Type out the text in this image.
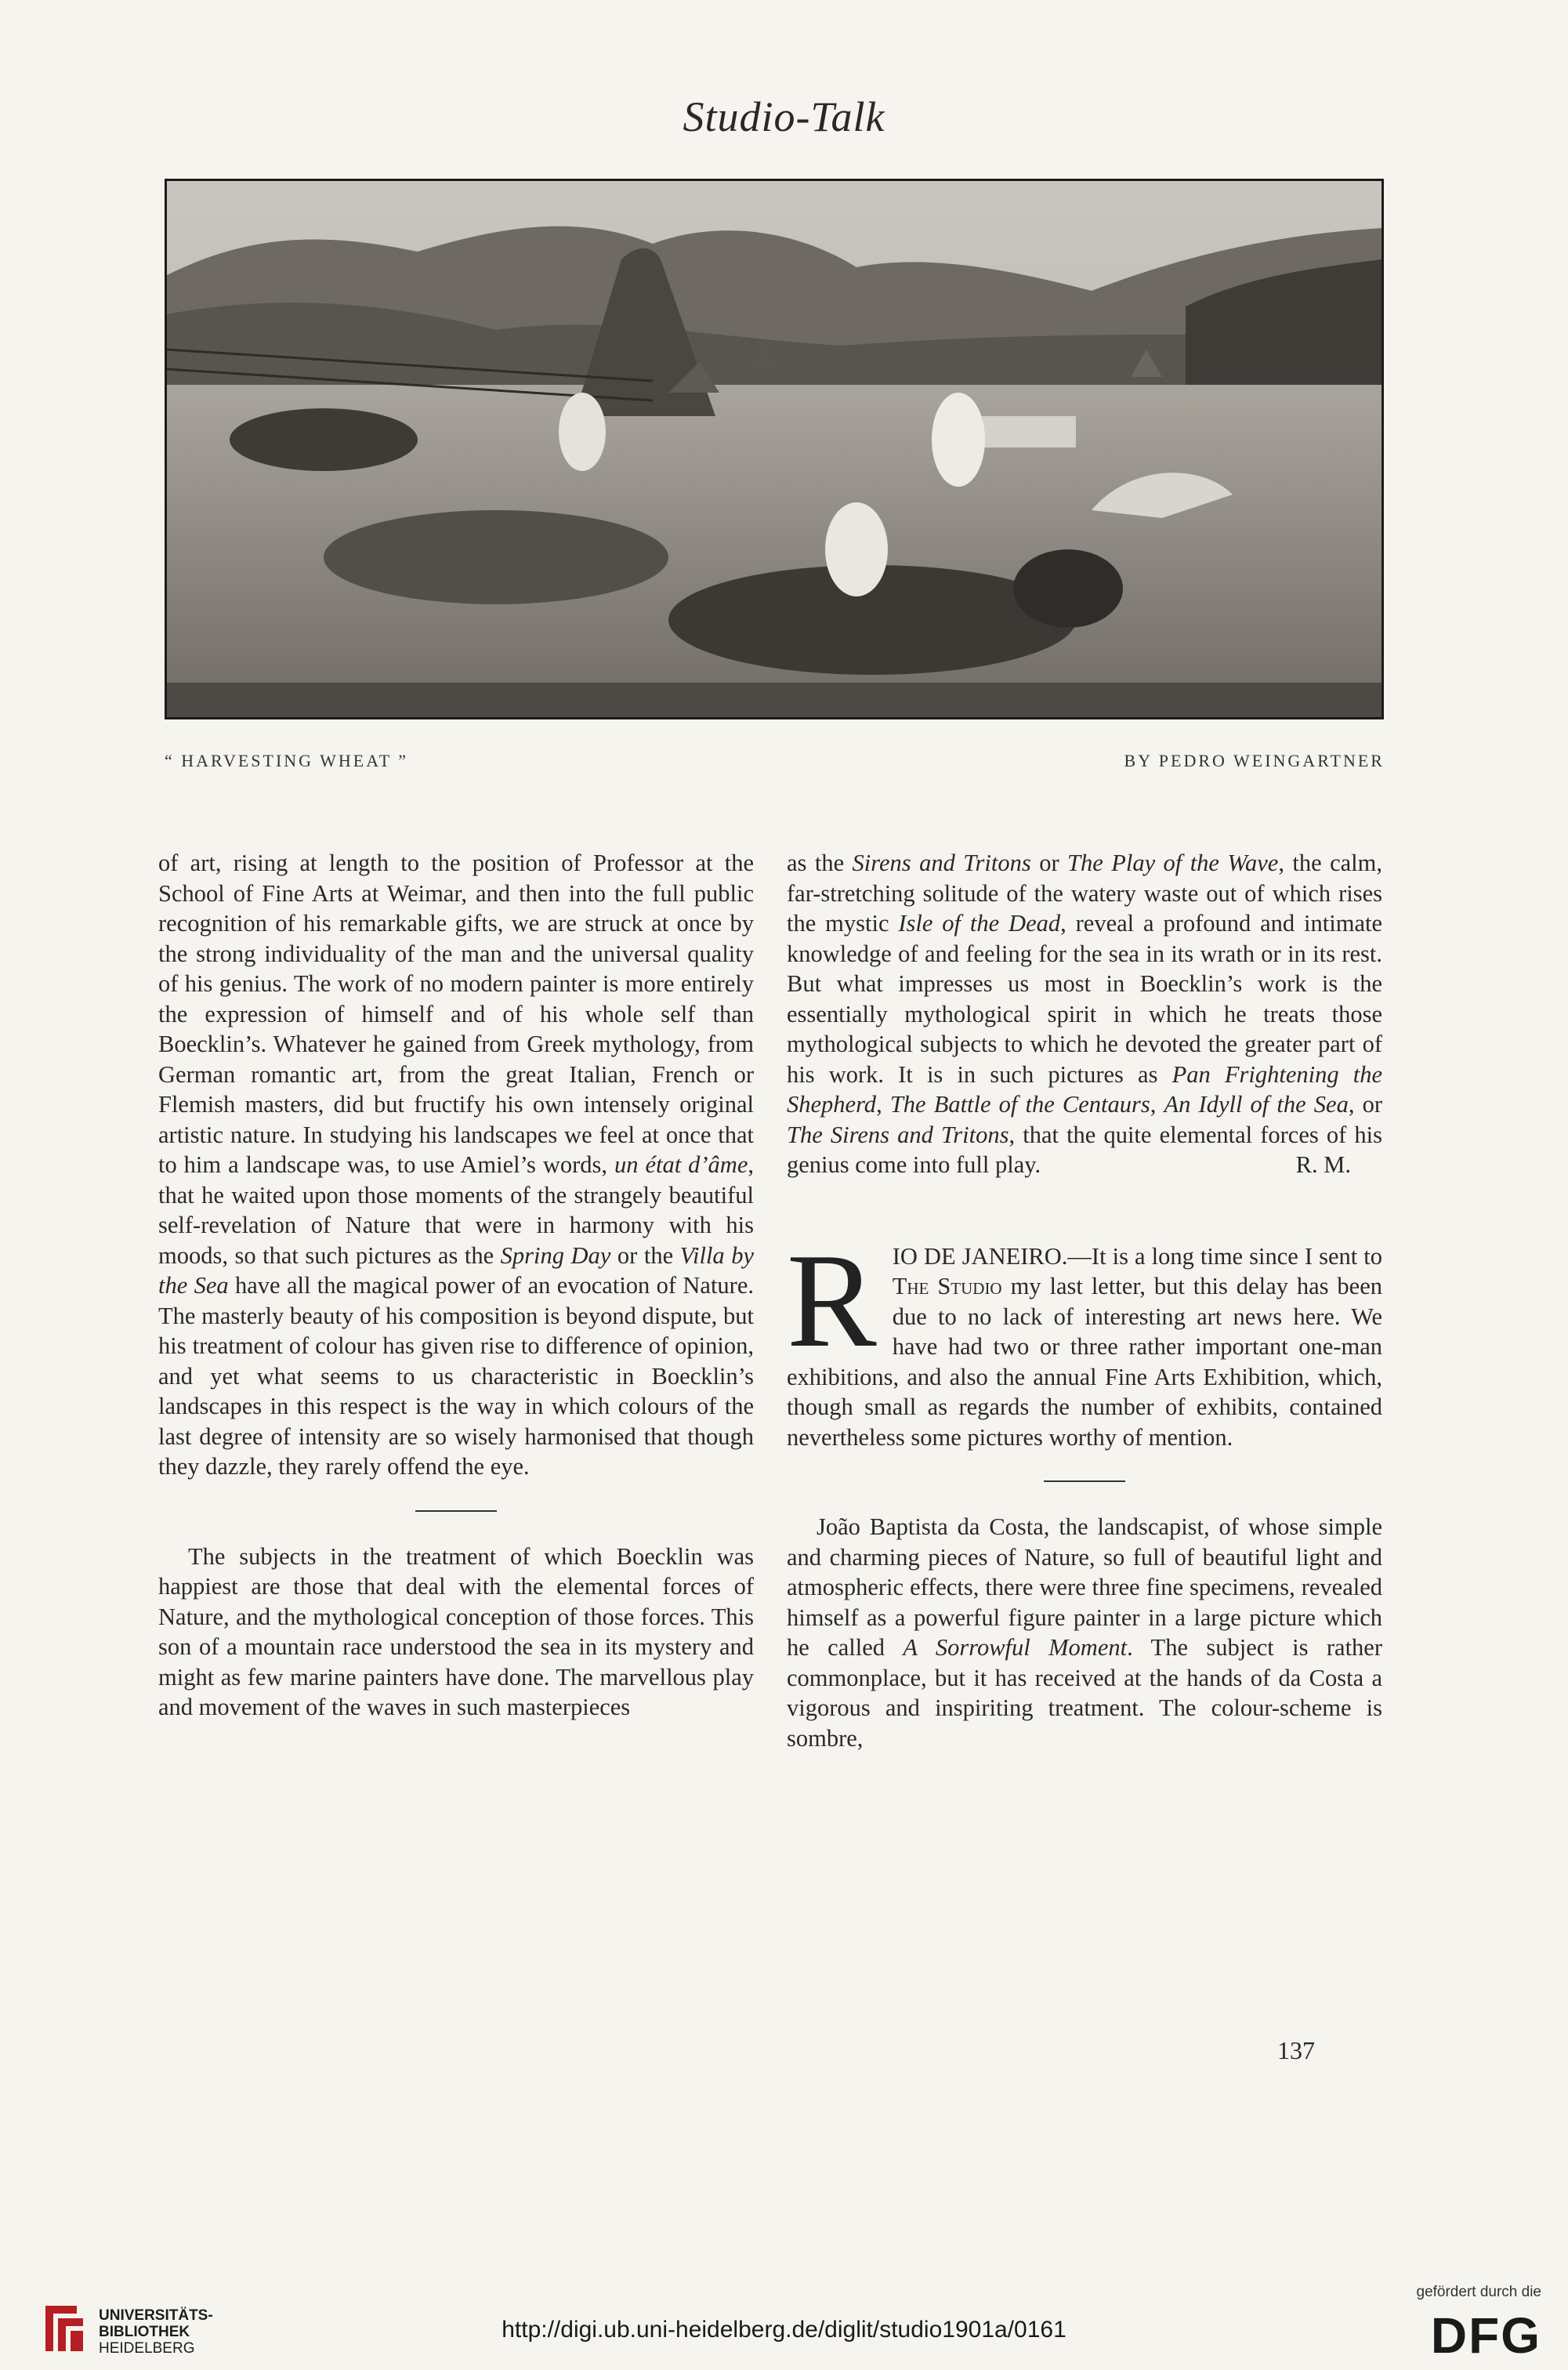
Studio-Talk
“ HARVESTING WHEAT ”	BY PEDRO WEINGARTNER

of art, rising at length to the position of Professor at the School of Fine Arts at Weimar, and then into the full public recognition of his remarkable gifts, we are struck at once by the strong individuality of the man and the universal quality of his genius. The work of no modern painter is more entirely the expression of himself and of his whole self than Boecklin’s. Whatever he gained from Greek mythology, from German romantic art, from the great Italian, French or Flemish masters, did but fructify his own intensely original artistic nature. In studying his landscapes we feel at once that to him a landscape was, to use Amiel’s words, un état d’âme, that he waited upon those moments of the strangely beautiful self-revelation of Nature that were in harmony with his moods, so that such pictures as the Spring Day or the Villa by the Sea have all the magical power of an evocation of Nature. The masterly beauty of his composition is beyond dispute, but his treatment of colour has given rise to difference of opinion, and yet what seems to us characteristic in Boecklin’s landscapes in this respect is the way in which colours of the last degree of intensity are so wisely harmonised that though they dazzle, they rarely offend the eye.

The subjects in the treatment of which Boecklin was happiest are those that deal with the elemental forces of Nature, and the mythological conception of those forces. This son of a mountain race understood the sea in its mystery and might as few marine painters have done. The marvellous play and movement of the waves in such masterpieces

as the Sirens and Tritons or The Play of the Wave, the calm, far-stretching solitude of the watery waste out of which rises the mystic Isle of the Dead, reveal a profound and intimate knowledge of and feeling for the sea in its wrath or in its rest. But what impresses us most in Boecklin’s work is the essentially mythological spirit in which he treats those mythological subjects to which he devoted the greater part of his work. It is in such pictures as Pan Frightening the Shepherd, The Battle of the Centaurs, An Idyll of the Sea, or The Sirens and Tritons, that the quite elemental forces of his genius come into full play.	R. M.

RIO DE JANEIRO.—It is a long time since I sent to The Studio my last letter, but this delay has been due to no lack of interesting art news here. We have had two or three rather important one-man exhibitions, and also the annual Fine Arts Exhibition, which, though small as regards the number of exhibits, contained nevertheless some pictures worthy of mention.

João Baptista da Costa, the landscapist, of whose simple and charming pieces of Nature, so full of beautiful light and atmospheric effects, there were three fine specimens, revealed himself as a powerful figure painter in a large picture which he called A Sorrowful Moment. The subject is rather commonplace, but it has received at the hands of da Costa a vigorous and inspiriting treatment. The colour-scheme is sombre,

137
UNIVERSITÄTS-
BIBLIOTHEK
HEIDELBERG
http://digi.ub.uni-heidelberg.de/diglit/studio1901a/0161
gefördert durch die
DFG
